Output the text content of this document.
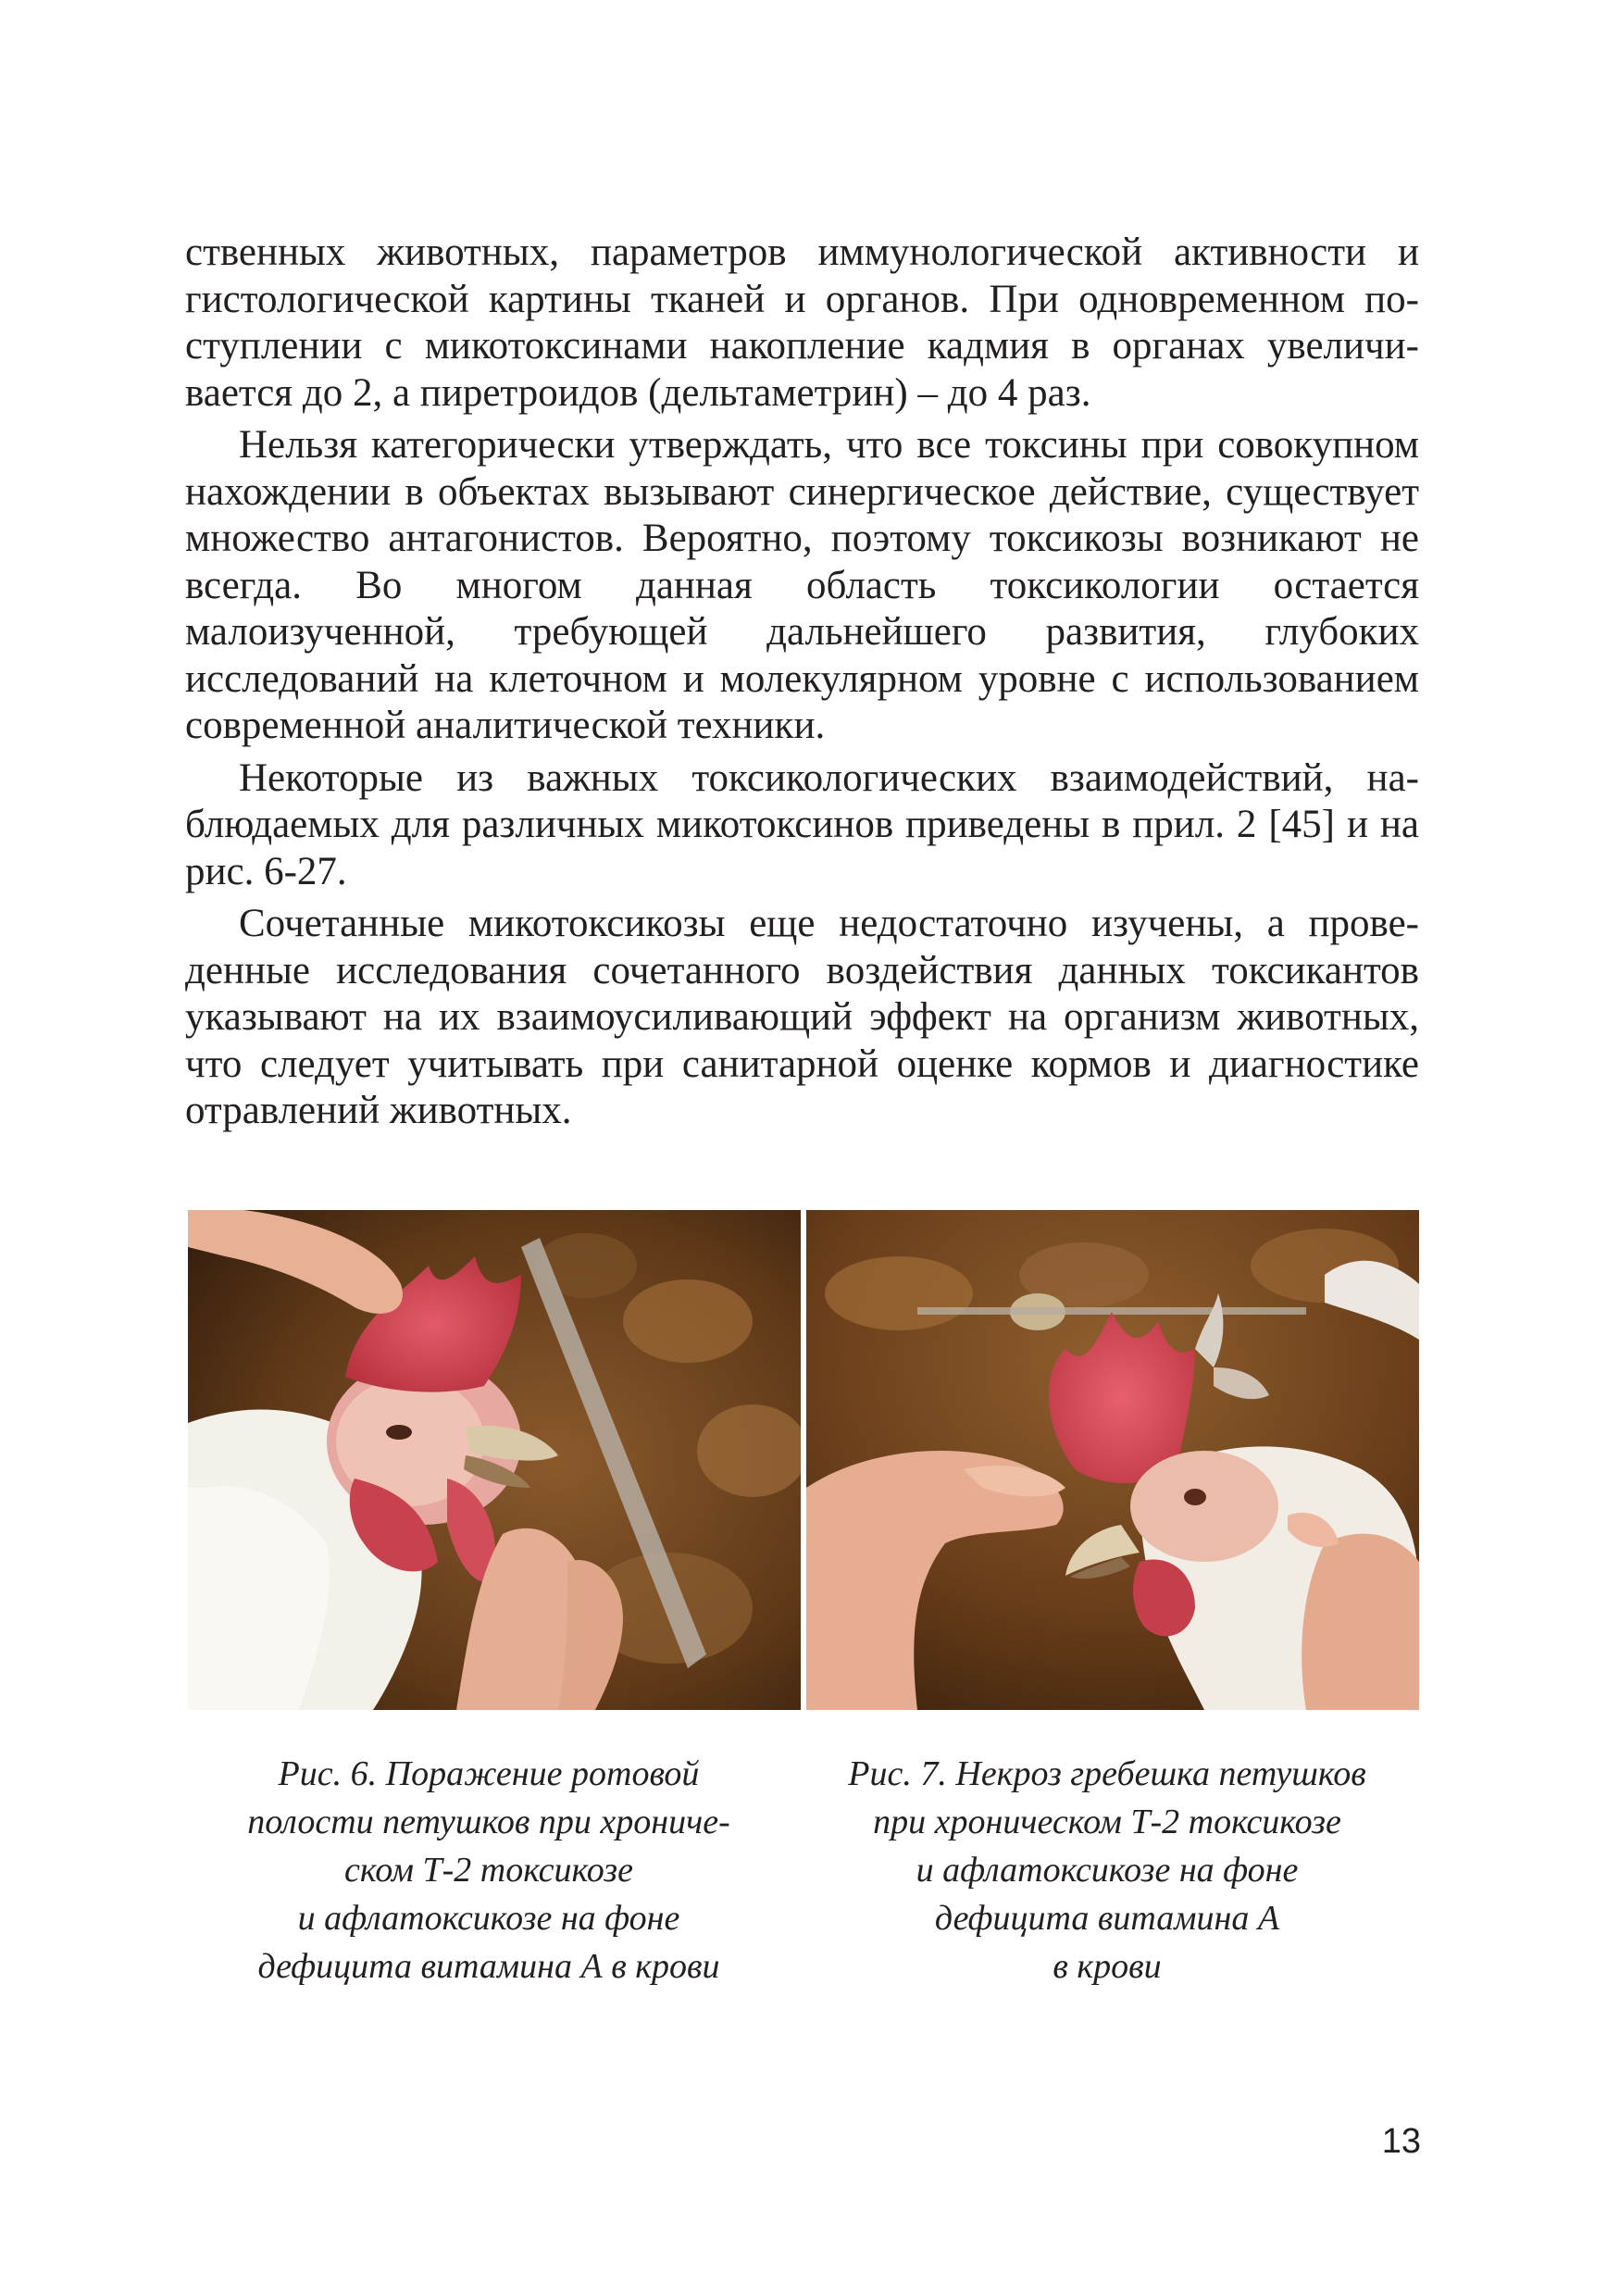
ственных животных, параметров иммунологической активности и гистологической картины тканей и органов. При одновременном поступлении с микотоксинами накопление кадмия в органах увеличивается до 2, а пиретроидов (дельтаметрин) – до 4 раз.

Нельзя категорически утверждать, что все токсины при совокупном нахождении в объектах вызывают синергическое действие, существует множество антагонистов. Вероятно, поэтому токсикозы возникают не всегда. Во многом данная область токсикологии остается малоизученной, требующей дальнейшего развития, глубоких исследований на клеточном и молекулярном уровне с использованием современной аналитической техники.

Некоторые из важных токсикологических взаимодействий, наблюдаемых для различных микотоксинов приведены в прил. 2 [45] и на рис. 6-27.

Сочетанные микотоксикозы еще недостаточно изучены, а проведенные исследования сочетанного воздействия данных токсикантов указывают на их взаимоусиливающий эффект на организм животных, что следует учитывать при санитарной оценке кормов и диагностике отравлений животных.

Рис. 6. Поражение ротовой
полости петушков при хрониче-
ском Т-2 токсикозе
и афлатоксикозе на фоне
дефицита витамина А в крови
Рис. 7. Некроз гребешка петушков
при хроническом Т-2 токсикозе
и афлатоксикозе на фоне
дефицита витамина А
в крови
13
